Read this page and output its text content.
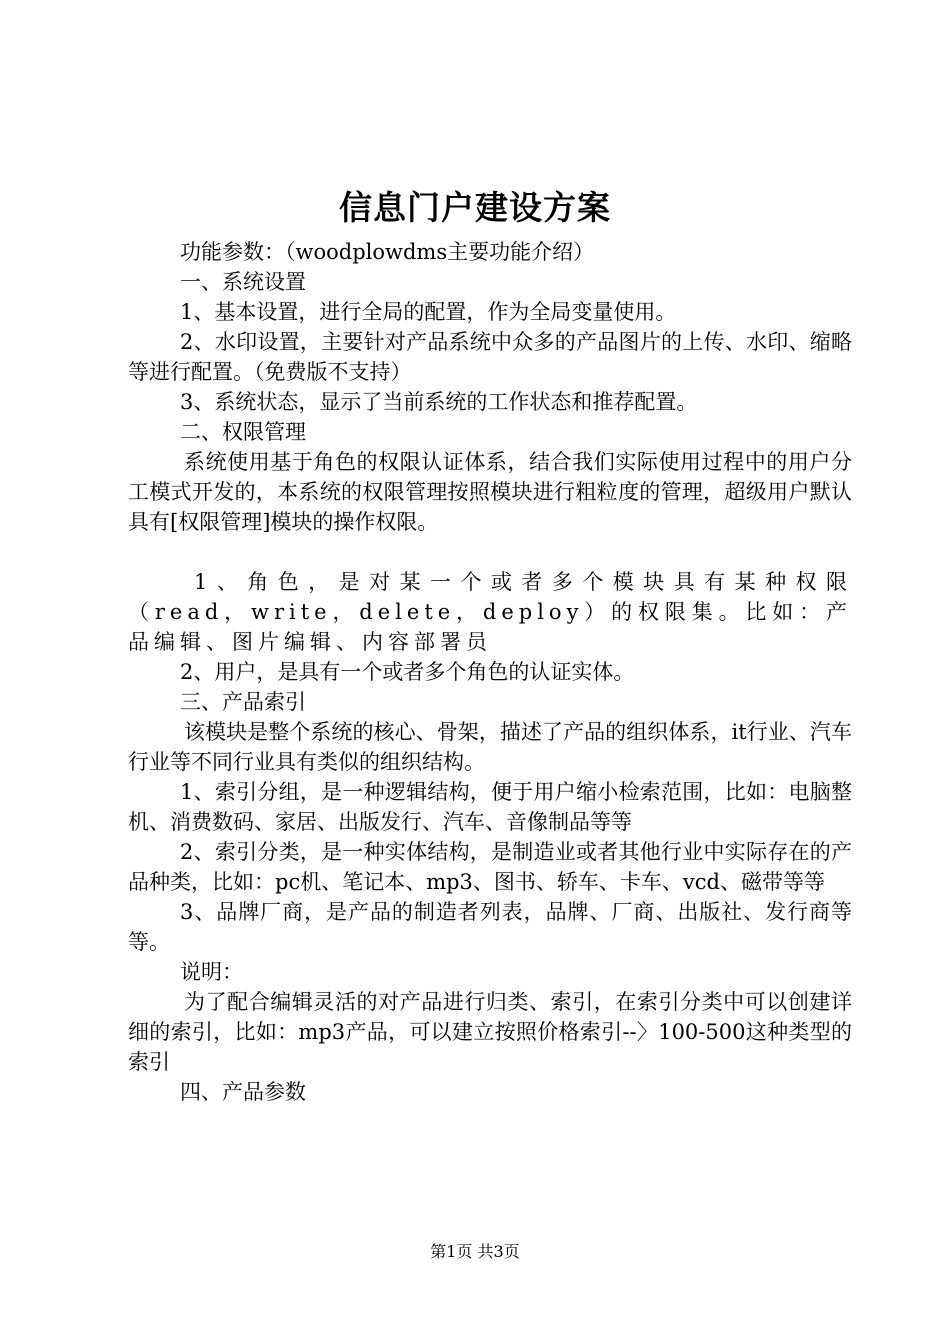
信息门户建设方案

功能参数：（woodplowdms主要功能介绍）

一、系统设置

1、基本设置，进行全局的配置，作为全局变量使用。

2、水印设置，主要针对产品系统中众多的产品图片的上传、水印、缩略等进行配置。（免费版不支持）

3、系统状态，显示了当前系统的工作状态和推荐配置。

二、权限管理

系统使用基于角色的权限认证体系，结合我们实际使用过程中的用户分工模式开发的，本系统的权限管理按照模块进行粗粒度的管理，超级用户默认具有[权限管理]模块的操作权限。

1、角色，是对某一个或者多个模块具有某种权限（read，write，delete，deploy）的权限集。比如：产品编辑、图片编辑、内容部署员

2、用户，是具有一个或者多个角色的认证实体。

三、产品索引

该模块是整个系统的核心、骨架，描述了产品的组织体系，it行业、汽车行业等不同行业具有类似的组织结构。

1、索引分组，是一种逻辑结构，便于用户缩小检索范围，比如：电脑整机、消费数码、家居、出版发行、汽车、音像制品等等

2、索引分类，是一种实体结构，是制造业或者其他行业中实际存在的产品种类，比如：pc机、笔记本、mp3、图书、轿车、卡车、vcd、磁带等等

3、品牌厂商，是产品的制造者列表，品牌、厂商、出版社、发行商等等。

说明：

为了配合编辑灵活的对产品进行归类、索引，在索引分类中可以创建详细的索引，比如：mp3产品，可以建立按照价格索引--〉100-500这种类型的索引

四、产品参数

第1页 共3页
